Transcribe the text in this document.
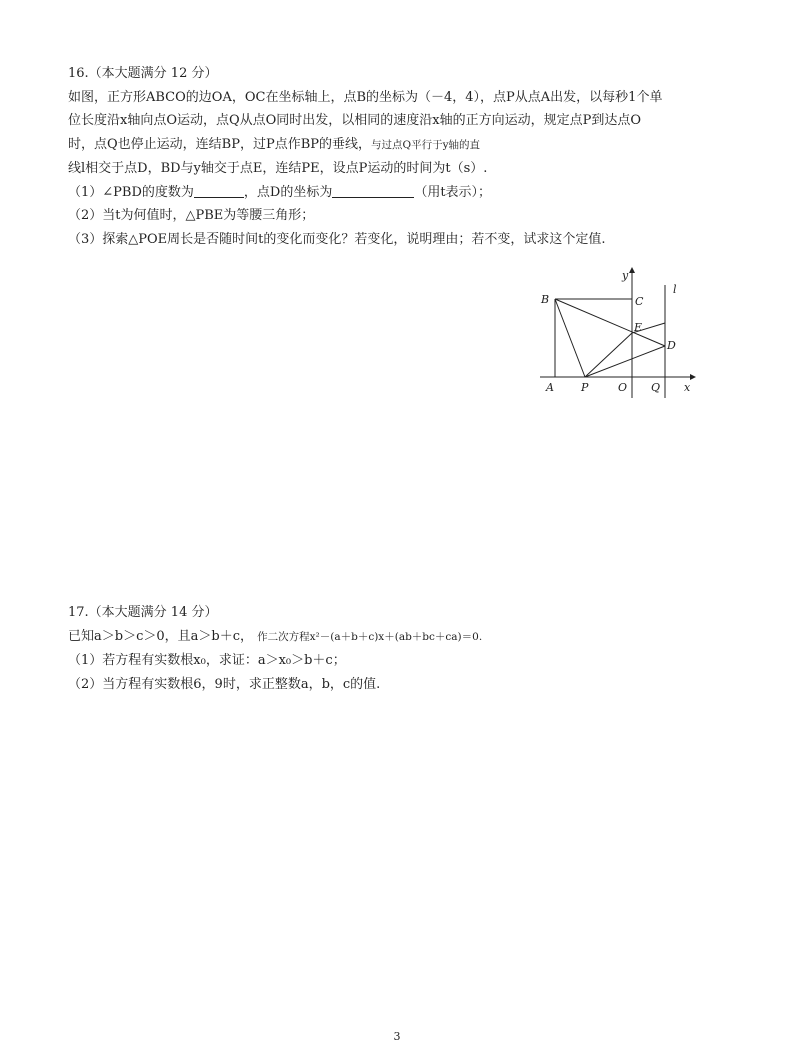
16.（本大题满分 12 分）
如图，正方形ABCO的边OA，OC在坐标轴上，点B的坐标为（－4，4），点P从点A出发，以每秒1个单
位长度沿x轴向点O运动，点Q从点O同时出发，以相同的速度沿x轴的正方向运动，规定点P到达点O
时，点Q也停止运动，连结BP，过P点作BP的垂线，与过点Q平行于y轴的直
线l相交于点D，BD与y轴交于点E，连结PE，设点P运动的时间为t（s）.
（1）∠PBD的度数为	，点D的坐标为	（用t表示）；
（2）当t为何值时，△PBE为等腰三角形；
（3）探索△POE周长是否随时间t的变化而变化？若变化，说明理由；若不变，试求这个定值.
B	C
y
l
E
D
A P	O Q x
17.（本大题满分 14 分）
已知a＞b＞c＞0，且a＞b＋c， 作二次方程x²－(a＋b＋c)x＋(ab＋bc＋ca)＝0.
（1）若方程有实数根x₀，求证：a＞x₀＞b＋c；
（2）当方程有实数根6，9时，求正整数a，b，c的值.
3
